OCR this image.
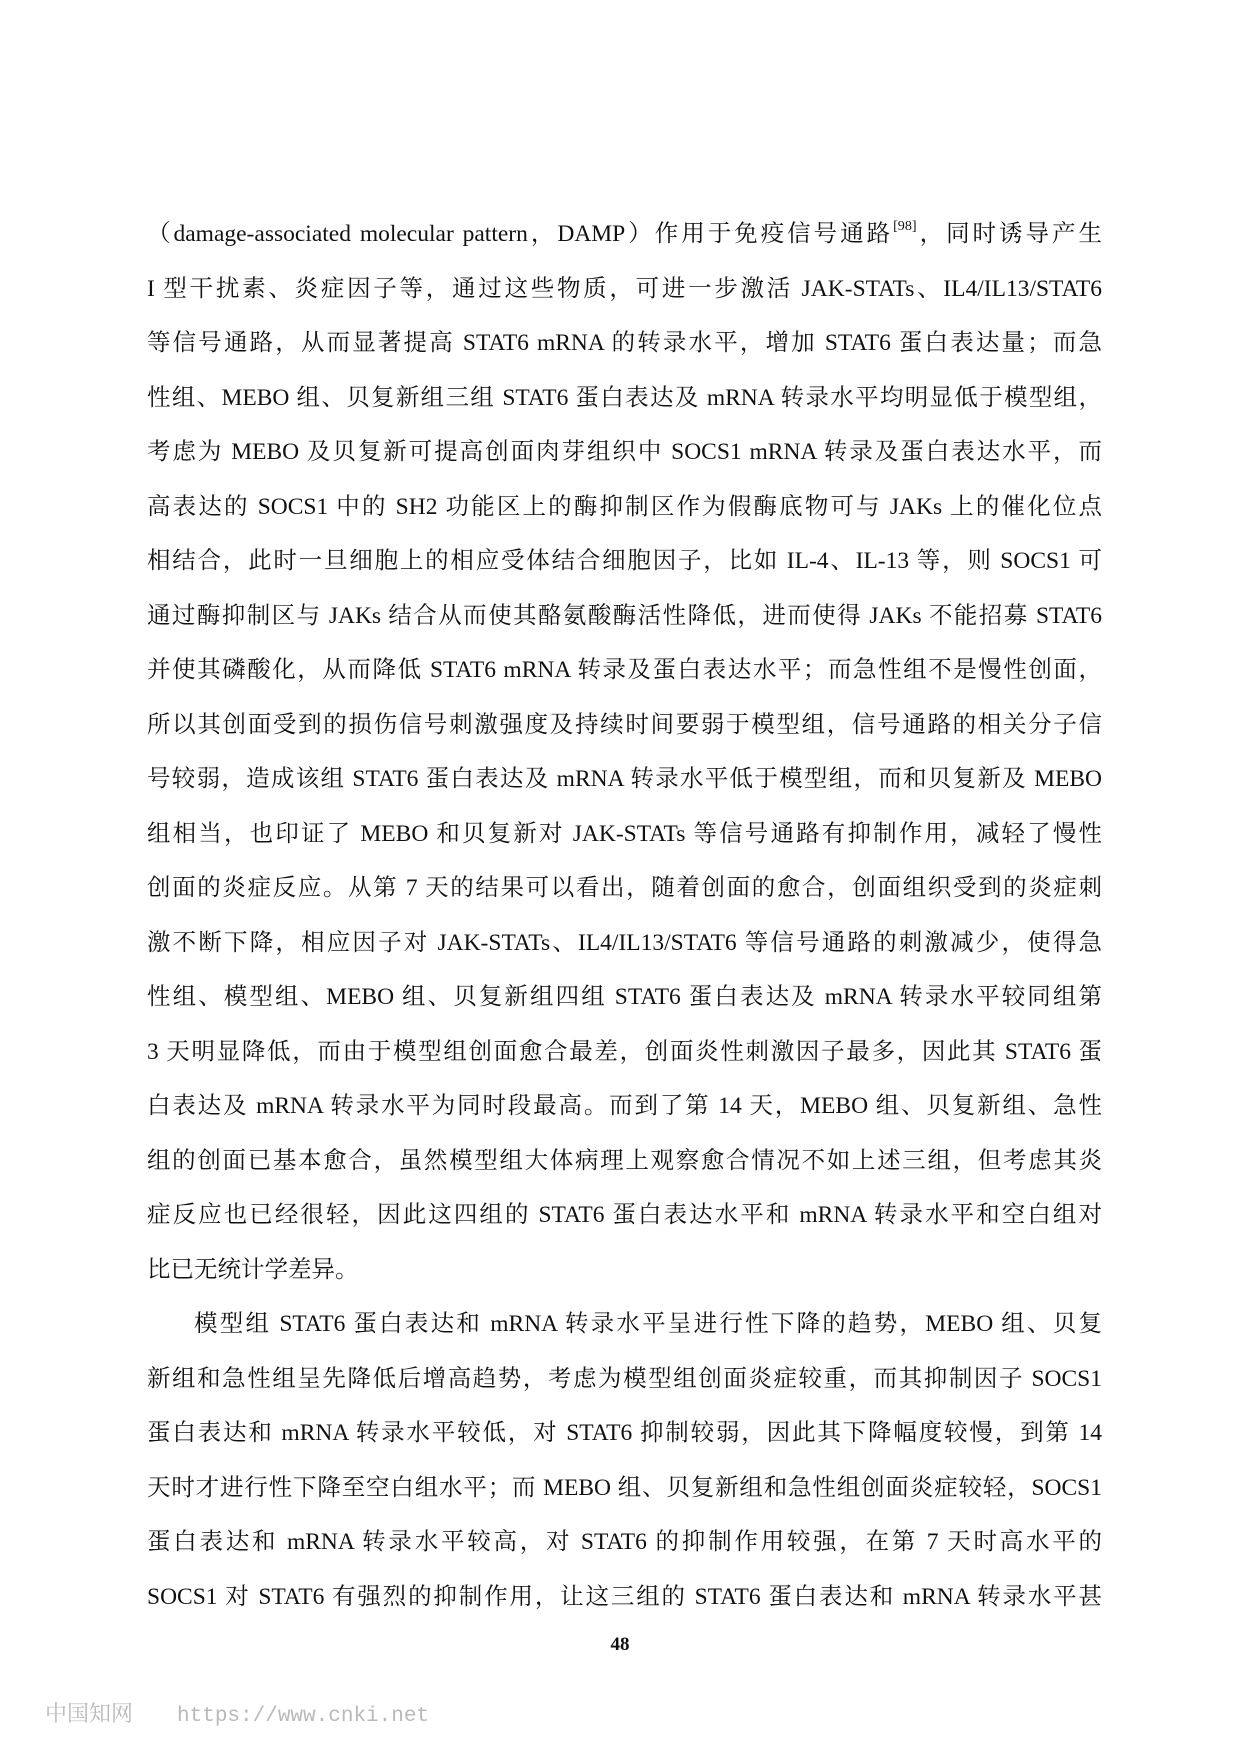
（damage-associated molecular pattern，DAMP）作用于免疫信号通路[98]，同时诱导产生
I 型干扰素、炎症因子等，通过这些物质，可进一步激活 JAK-STATs、IL4/IL13/STAT6
等信号通路，从而显著提高 STAT6 mRNA 的转录水平，增加 STAT6 蛋白表达量；而急
性组、MEBO 组、贝复新组三组 STAT6 蛋白表达及 mRNA 转录水平均明显低于模型组，
考虑为 MEBO 及贝复新可提高创面肉芽组织中 SOCS1 mRNA 转录及蛋白表达水平，而
高表达的 SOCS1 中的 SH2 功能区上的酶抑制区作为假酶底物可与 JAKs 上的催化位点
相结合，此时一旦细胞上的相应受体结合细胞因子，比如 IL-4、IL-13 等，则 SOCS1 可
通过酶抑制区与 JAKs 结合从而使其酪氨酸酶活性降低，进而使得 JAKs 不能招募 STAT6
并使其磷酸化，从而降低 STAT6 mRNA 转录及蛋白表达水平；而急性组不是慢性创面，
所以其创面受到的损伤信号刺激强度及持续时间要弱于模型组，信号通路的相关分子信
号较弱，造成该组 STAT6 蛋白表达及 mRNA 转录水平低于模型组，而和贝复新及 MEBO
组相当，也印证了 MEBO 和贝复新对 JAK-STATs 等信号通路有抑制作用，减轻了慢性
创面的炎症反应。从第 7 天的结果可以看出，随着创面的愈合，创面组织受到的炎症刺
激不断下降，相应因子对 JAK-STATs、IL4/IL13/STAT6 等信号通路的刺激减少，使得急
性组、模型组、MEBO 组、贝复新组四组 STAT6 蛋白表达及 mRNA 转录水平较同组第
3 天明显降低，而由于模型组创面愈合最差，创面炎性刺激因子最多，因此其 STAT6 蛋
白表达及 mRNA 转录水平为同时段最高。而到了第 14 天，MEBO 组、贝复新组、急性
组的创面已基本愈合，虽然模型组大体病理上观察愈合情况不如上述三组，但考虑其炎
症反应也已经很轻，因此这四组的 STAT6 蛋白表达水平和 mRNA 转录水平和空白组对
比已无统计学差异。
模型组 STAT6 蛋白表达和 mRNA 转录水平呈进行性下降的趋势，MEBO 组、贝复
新组和急性组呈先降低后增高趋势，考虑为模型组创面炎症较重，而其抑制因子 SOCS1
蛋白表达和 mRNA 转录水平较低，对 STAT6 抑制较弱，因此其下降幅度较慢，到第 14
天时才进行性下降至空白组水平；而 MEBO 组、贝复新组和急性组创面炎症较轻，SOCS1
蛋白表达和 mRNA 转录水平较高，对 STAT6 的抑制作用较强，在第 7 天时高水平的
SOCS1 对 STAT6 有强烈的抑制作用，让这三组的 STAT6 蛋白表达和 mRNA 转录水平甚
48
中国知网 https://www.cnki.net
